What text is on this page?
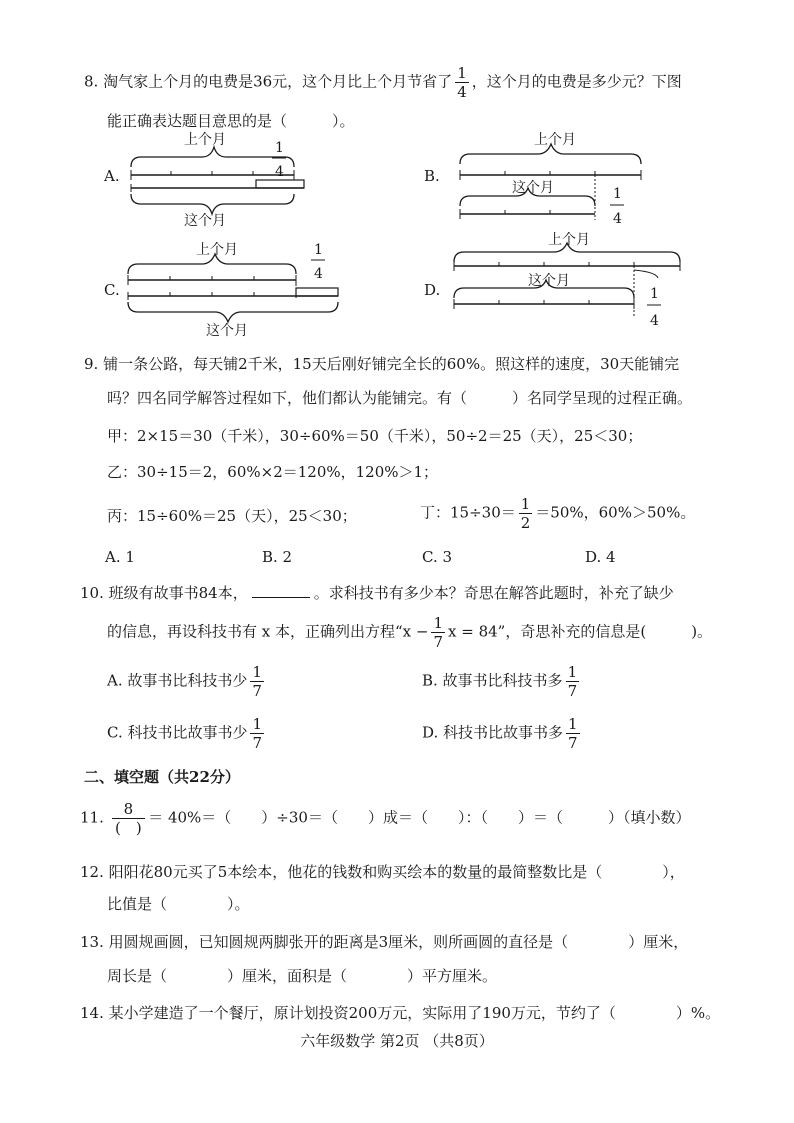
8. 淘气家上个月的电费是36元，这个月比上个月节省了 $\frac{1}{4}$ ，这个月的电费是多少元？下图
能正确表达题目意思的是（　　　）。
A.
上个月
这个月
1
4	B.
上个月
这个月	1
4
C.
上个月
这个月
1
4
D.
上个月
这个月
1
4
9. 铺一条公路，每天铺2千米，15天后刚好铺完全长的60%。照这样的速度，30天能铺完
吗？四名同学解答过程如下，他们都认为能铺完。有（　　　）名同学呈现的过程正确。
甲：2×15＝30（千米），30÷60%＝50（千米），50÷2＝25（天），25＜30；
乙：30÷15＝2，60%×2＝120%，120%＞1；
丙：15÷60%＝25（天），25＜30；	丁：$15\div 30= \frac{1}{2} =50\%$，60%＞50%。
A. 1	B. 2	C. 3	D. 4
10. 班级有故事书84本，	。求科技书有多少本？奇思在解答此题时，补充了缺少
的信息，再设科技书有 x 本，正确列出方程“$x - \frac{1}{7}$ x = 84”，奇思补充的信息是(　　　)。
A. 故事书比科技书少 $\frac{1}{7}$	B. 故事书比科技书多 $\frac{1}{7}$
C. 科技书比故事书少 $\frac{1}{7}$	D. 科技书比故事书多 $\frac{1}{7}$
二、填空题（共22分）
11. $\frac{8}{( )} = 40\%=$（　　）÷30＝（　　）成＝（　　）：（　　）＝（　　　）（填小数）
12. 阳阳花80元买了5本绘本，他花的钱数和购买绘本的数量的最简整数比是（　　　　），
比值是（　　　　）。
13. 用圆规画圆，已知圆规两脚张开的距离是3厘米，则所画圆的直径是（　　　　）厘米，
周长是（　　　　）厘米，面积是（　　　　）平方厘米。
14. 某小学建造了一个餐厅，原计划投资200万元，实际用了190万元，节约了（　　　　）%。
六年级数学 第2页 （共8页）
